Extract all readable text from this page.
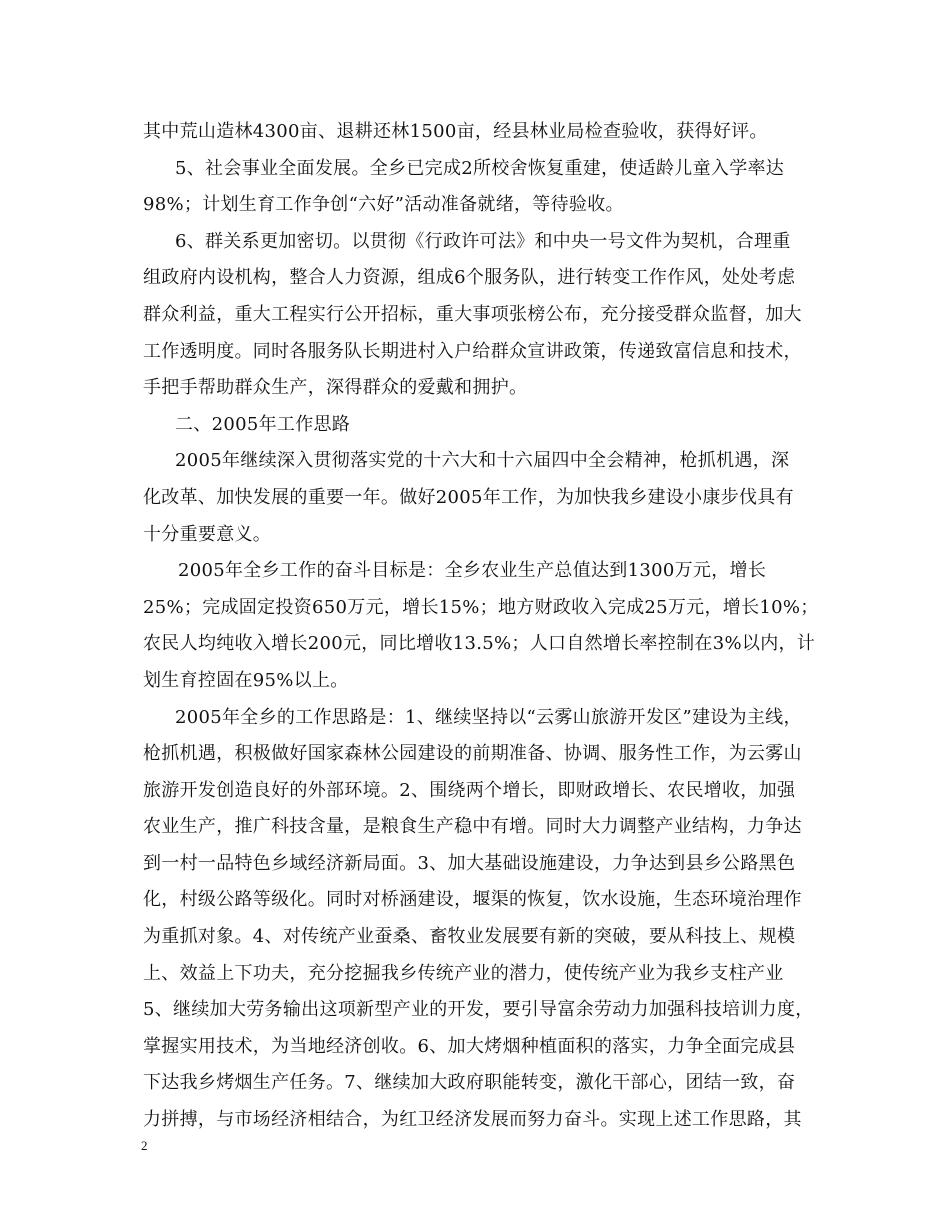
其中荒山造林4300亩、退耕还林1500亩，经县林业局检查验收，获得好评。
5、社会事业全面发展。全乡已完成2所校舍恢复重建，使适龄儿童入学率达
98%；计划生育工作争创“六好”活动准备就绪，等待验收。
6、群关系更加密切。以贯彻《行政许可法》和中央一号文件为契机，合理重
组政府内设机构，整合人力资源，组成6个服务队，进行转变工作作风，处处考虑
群众利益，重大工程实行公开招标，重大事项张榜公布，充分接受群众监督，加大
工作透明度。同时各服务队长期进村入户给群众宣讲政策，传递致富信息和技术，
手把手帮助群众生产，深得群众的爱戴和拥护。
二、2005年工作思路
2005年继续深入贯彻落实党的十六大和十六届四中全会精神，枪抓机遇，深
化改革、加快发展的重要一年。做好2005年工作，为加快我乡建设小康步伐具有
十分重要意义。
2005年全乡工作的奋斗目标是：全乡农业生产总值达到1300万元，增长
25%；完成固定投资650万元，增长15%；地方财政收入完成25万元，增长10%；
农民人均纯收入增长200元，同比增收13.5%；人口自然增长率控制在3%以内，计
划生育控固在95%以上。
2005年全乡的工作思路是：1、继续坚持以“云雾山旅游开发区”建设为主线，
枪抓机遇，积极做好国家森林公园建设的前期准备、协调、服务性工作，为云雾山
旅游开发创造良好的外部环境。2、围绕两个增长，即财政增长、农民增收，加强
农业生产，推广科技含量，是粮食生产稳中有增。同时大力调整产业结构，力争达
到一村一品特色乡域经济新局面。3、加大基础设施建设，力争达到县乡公路黑色
化，村级公路等级化。同时对桥涵建设，堰渠的恢复，饮水设施，生态环境治理作
为重抓对象。4、对传统产业蚕桑、畜牧业发展要有新的突破，要从科技上、规模
上、效益上下功夫，充分挖掘我乡传统产业的潜力，使传统产业为我乡支柱产业
5、继续加大劳务输出这项新型产业的开发，要引导富余劳动力加强科技培训力度，
掌握实用技术，为当地经济创收。6、加大烤烟种植面积的落实，力争全面完成县
下达我乡烤烟生产任务。7、继续加大政府职能转变，激化干部心，团结一致，奋
力拼搏，与市场经济相结合，为红卫经济发展而努力奋斗。实现上述工作思路，其
2
